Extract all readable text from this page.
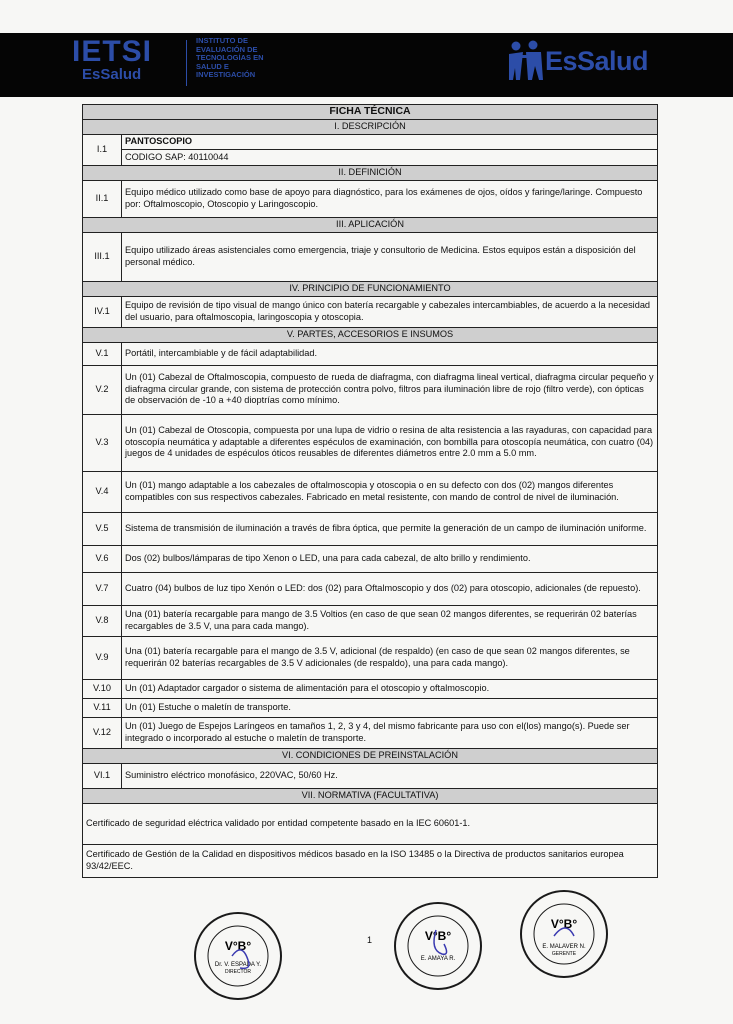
IETSI
EsSalud
INSTITUTO DE
EVALUACIÓN DE
TECNOLOGÍAS EN
SALUD E
INVESTIGACIÓN	EsSalud
FICHA TÉCNICA	
I. DESCRIPCIÓN	
I.1	PANTOSCOPIO
	CODIGO SAP: 40110044
II. DEFINICIÓN	
II.1	Equipo médico utilizado como base de apoyo para diagnóstico, para los exámenes de ojos, oídos y faringe/laringe. Compuesto por: Oftalmoscopio, Otoscopio y Laringoscopio.
III. APLICACIÓN	
III.1	Equipo utilizado áreas asistenciales como emergencia, triaje y consultorio de Medicina. Estos equipos están a disposición del personal médico.
IV. PRINCIPIO DE FUNCIONAMIENTO	
IV.1	Equipo de revisión de tipo visual de mango único con batería recargable y cabezales intercambiables, de acuerdo a la necesidad del usuario, para oftalmoscopia, laringoscopia y otoscopia.
V. PARTES, ACCESORIOS E INSUMOS	
V.1	Portátil, intercambiable y de fácil adaptabilidad.
V.2	Un (01) Cabezal de Oftalmoscopia, compuesto de rueda de diafragma, con diafragma lineal vertical, diafragma circular pequeño y diafragma circular grande, con sistema de protección contra polvo, filtros para iluminación libre de rojo (filtro verde), con ópticas de observación de -10 a +40 dioptrías como mínimo.
V.3	Un (01) Cabezal de Otoscopia, compuesta por una lupa de vidrio o resina de alta resistencia a las rayaduras, con capacidad para otoscopía neumática y adaptable a diferentes espéculos de examinación, con bombilla para otoscopía neumática, con cuatro (04) juegos de 4 unidades de espéculos óticos reusables de diferentes diámetros entre 2.0 mm a 5.0 mm.
V.4	Un (01) mango adaptable a los cabezales de oftalmoscopia y otoscopia o en su defecto con dos (02) mangos diferentes compatibles con sus respectivos cabezales. Fabricado en metal resistente, con mando de control de nivel de iluminación.
V.5	Sistema de transmisión de iluminación a través de fibra óptica, que permite la generación de un campo de iluminación uniforme.
V.6	Dos (02) bulbos/lámparas de tipo Xenon o LED, una para cada cabezal, de alto brillo y rendimiento.
V.7	Cuatro (04) bulbos de luz tipo Xenón o LED: dos (02) para Oftalmoscopio y dos (02) para otoscopio, adicionales (de repuesto).
V.8	Una (01) batería recargable para mango de 3.5 Voltios (en caso de que sean 02 mangos diferentes, se requerirán 02 baterías recargables de 3.5 V, una para cada mango).
V.9	Una (01) batería recargable para el mango de 3.5 V, adicional (de respaldo) (en caso de que sean 02 mangos diferentes, se requerirán 02 baterías recargables de 3.5 V adicionales (de respaldo), una para cada mango).
V.10	Un (01) Adaptador cargador o sistema de alimentación para el otoscopio y oftalmoscopio.
V.11	Un (01) Estuche o maletín de transporte.
V.12	Un (01) Juego de Espejos Laríngeos en tamaños 1, 2, 3 y 4, del mismo fabricante para uso con el(los) mango(s). Puede ser integrado o incorporado al estuche o maletín de transporte.
VI. CONDICIONES DE PREINSTALACIÓN	
VI.1	Suministro eléctrico monofásico, 220VAC, 50/60 Hz.
VII. NORMATIVA (FACULTATIVA)	
Certificado de seguridad eléctrica validado por entidad competente basado en la IEC 60601-1.	
Certificado de Gestión de la Calidad en dispositivos médicos basado en la ISO 13485 o la Directiva de productos sanitarios europea 93/42/EEC.	
V°B°
Dr. V. ESPADA Y.
DIRECTOR
1	V°B°
E. AMAYA R.
V°B°
E. MALAVER N.
GERENTE
